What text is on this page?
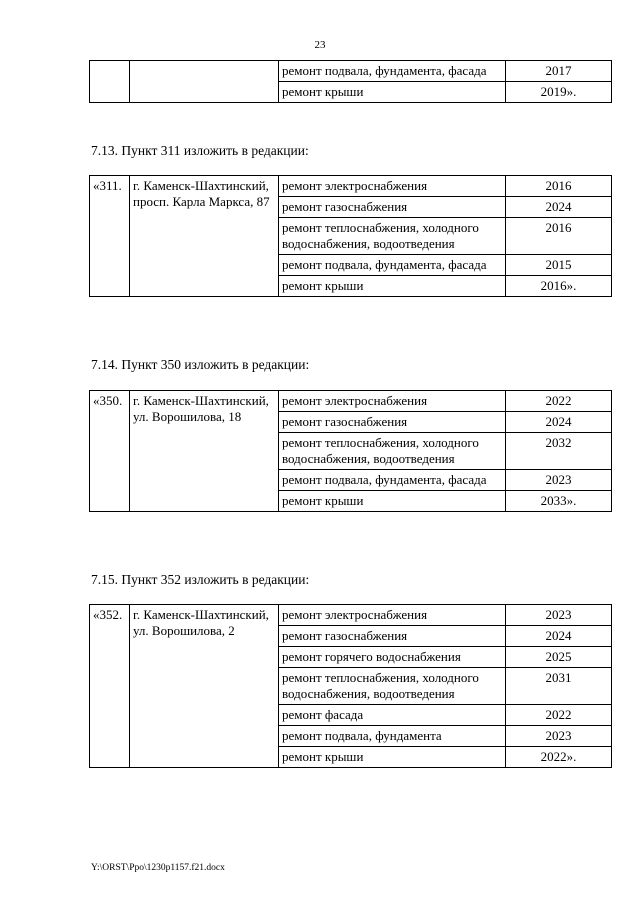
23
		ремонт подвала, фундамента, фасада	2017
		ремонт крыши	2019».
7.13. Пункт 311 изложить в редакции:
«311.	г. Каменск-Шахтинский, просп. Карла Маркса, 87	ремонт электроснабжения	2016
		ремонт газоснабжения	2024
		ремонт теплоснабжения, холодного водоснабжения, водоотведения	2016
		ремонт подвала, фундамента, фасада	2015
		ремонт крыши	2016».
7.14. Пункт 350 изложить в редакции:
«350.	г. Каменск-Шахтинский, ул. Ворошилова, 18	ремонт электроснабжения	2022
		ремонт газоснабжения	2024
		ремонт теплоснабжения, холодного водоснабжения, водоотведения	2032
		ремонт подвала, фундамента, фасада	2023
		ремонт крыши	2033».
7.15. Пункт 352 изложить в редакции:
«352.	г. Каменск-Шахтинский, ул. Ворошилова, 2	ремонт электроснабжения	2023
		ремонт газоснабжения	2024
		ремонт горячего водоснабжения	2025
		ремонт теплоснабжения, холодного водоснабжения, водоотведения	2031
		ремонт фасада	2022
		ремонт подвала, фундамента	2023
		ремонт крыши	2022».
Y:\ORST\Ppo\1230p1157.f21.docx
